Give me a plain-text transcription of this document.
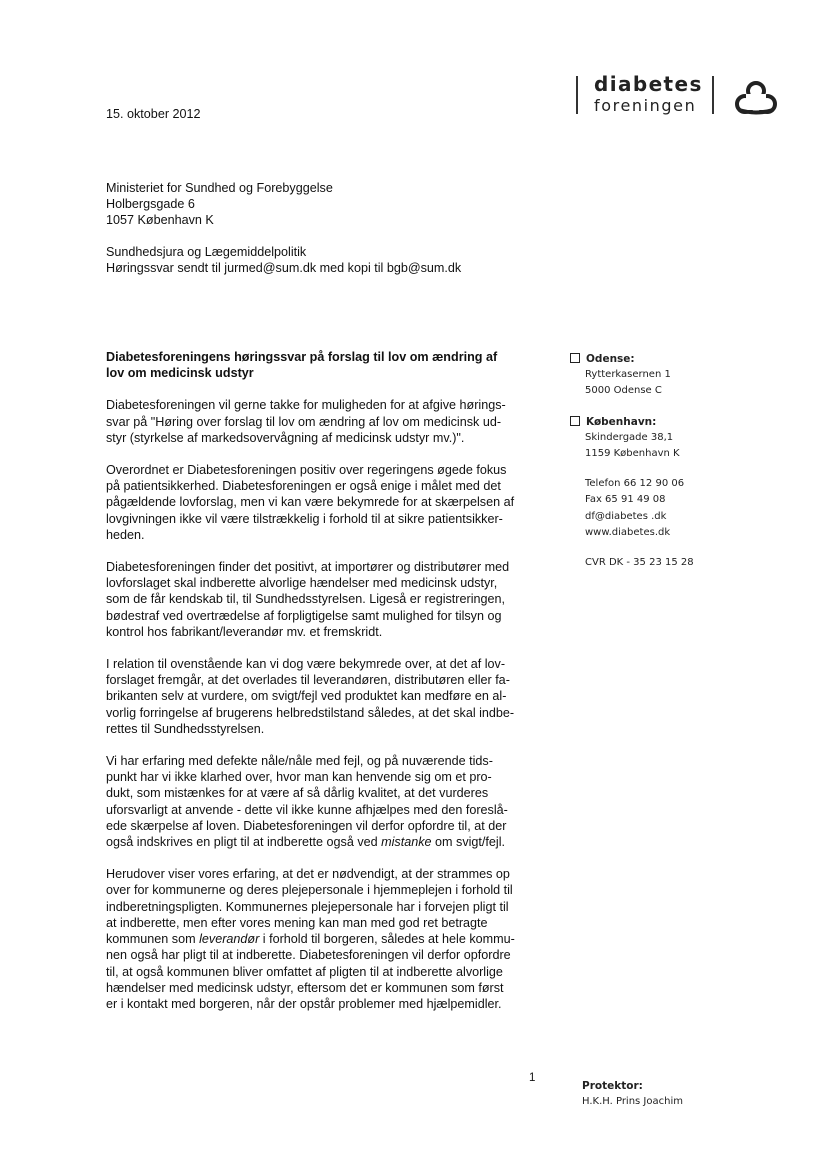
diabetes
foreningen
15. oktober 2012
Ministeriet for Sundhed og Forebyggelse
Holbergsgade 6
1057 København K
Sundhedsjura og Lægemiddelpolitik
Høringssvar sendt til jurmed@sum.dk med kopi til bgb@sum.dk
Diabetesforeningens høringssvar på forslag til lov om ændring af
lov om medicinsk udstyr
Diabetesforeningen vil gerne takke for muligheden for at afgive hørings-
svar på "Høring over forslag til lov om ændring af lov om medicinsk ud-
styr (styrkelse af markedsovervågning af medicinsk udstyr mv.)".
Overordnet er Diabetesforeningen positiv over regeringens øgede fokus
på patientsikkerhed. Diabetesforeningen er også enige i målet med det
pågældende lovforslag, men vi kan være bekymrede for at skærpelsen af
lovgivningen ikke vil være tilstrækkelig i forhold til at sikre patientsikker-
heden.
Diabetesforeningen finder det positivt, at importører og distributører med
lovforslaget skal indberette alvorlige hændelser med medicinsk udstyr,
som de får kendskab til, til Sundhedsstyrelsen. Ligeså er registreringen,
bødestraf ved overtrædelse af forpligtigelse samt mulighed for tilsyn og
kontrol hos fabrikant/leverandør mv. et fremskridt.
I relation til ovenstående kan vi dog være bekymrede over, at det af lov-
forslaget fremgår, at det overlades til leverandøren, distributøren eller fa-
brikanten selv at vurdere, om svigt/fejl ved produktet kan medføre en al-
vorlig forringelse af brugerens helbredstilstand således, at det skal indbe-
rettes til Sundhedsstyrelsen.
Vi har erfaring med defekte nåle/nåle med fejl, og på nuværende tids-
punkt har vi ikke klarhed over, hvor man kan henvende sig om et pro-
dukt, som mistænkes for at være af så dårlig kvalitet, at det vurderes
uforsvarligt at anvende - dette vil ikke kunne afhjælpes med den foreslå-
ede skærpelse af loven. Diabetesforeningen vil derfor opfordre til, at der
også indskrives en pligt til at indberette også ved mistanke om svigt/fejl.
Herudover viser vores erfaring, at det er nødvendigt, at der strammes op
over for kommunerne og deres plejepersonale i hjemmeplejen i forhold til
indberetningspligten. Kommunernes plejepersonale har i forvejen pligt til
at indberette, men efter vores mening kan man med god ret betragte
kommunen som leverandør i forhold til borgeren, således at hele kommu-
nen også har pligt til at indberette. Diabetesforeningen vil derfor opfordre
til, at også kommunen bliver omfattet af pligten til at indberette alvorlige
hændelser med medicinsk udstyr, eftersom det er kommunen som først
er i kontakt med borgeren, når der opstår problemer med hjælpemidler.
Odense:
Rytterkasernen 1
5000 Odense C
København:
Skindergade 38,1
1159 København K
Telefon 66 12 90 06
Fax 65 91 49 08
df@diabetes .dk
www.diabetes.dk
CVR DK - 35 23 15 28
1
Protektor:
H.K.H. Prins Joachim
